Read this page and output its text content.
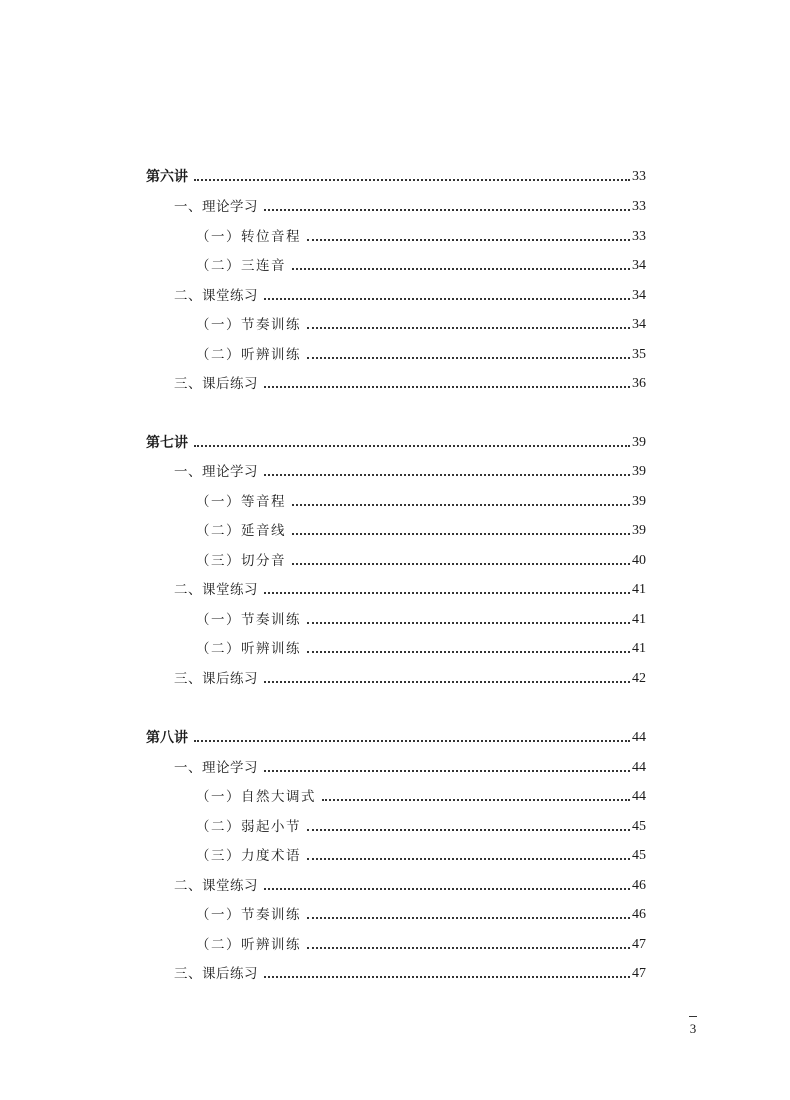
第六讲	33
一、理论学习	33
（一）转位音程	33
（二）三连音	34
二、课堂练习	34
（一）节奏训练	34
（二）听辨训练	35
三、课后练习	36
第七讲	39
一、理论学习	39
（一）等音程	39
（二）延音线	39
（三）切分音	40
二、课堂练习	41
（一）节奏训练	41
（二）听辨训练	41
三、课后练习	42
第八讲	44
一、理论学习	44
（一）自然大调式	44
（二）弱起小节	45
（三）力度术语	45
二、课堂练习	46
（一）节奏训练	46
（二）听辨训练	47
三、课后练习	47
3
